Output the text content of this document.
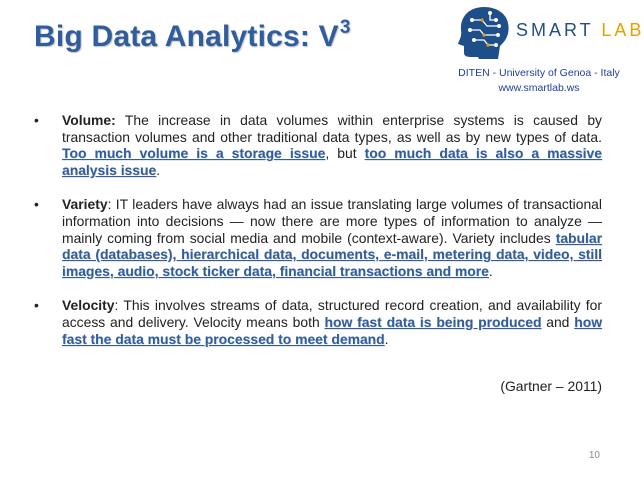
Big Data Analytics: $V^3$	SMART LAB
DITEN - University of Genoa - Italy
www.smartlab.ws
• Volume: The increase in data volumes within enterprise systems is caused by transaction volumes and other traditional data types, as well as by new types of data. Too much volume is a storage issue, but too much data is also a massive analysis issue.
• Variety: IT leaders have always had an issue translating large volumes of transactional information into decisions — now there are more types of information to analyze — mainly coming from social media and mobile (context-aware). Variety includes tabular data (databases), hierarchical data, documents, e-mail, metering data, video, still images, audio, stock ticker data, financial transactions and more.
• Velocity: This involves streams of data, structured record creation, and availability for access and delivery. Velocity means both how fast data is being produced and how fast the data must be processed to meet demand.
(Gartner – 2011)
10
